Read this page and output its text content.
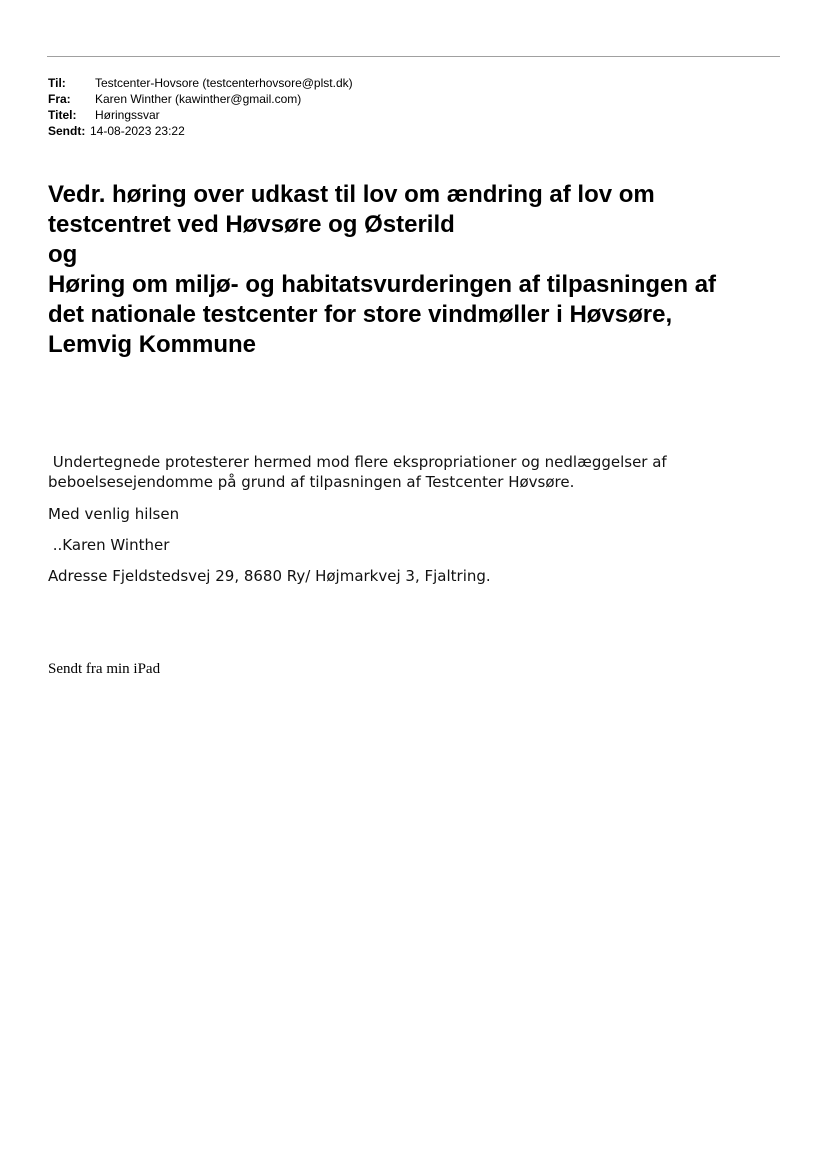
Til:	Testcenter-Hovsore (testcenterhovsore@plst.dk)
Fra:	Karen Winther (kawinther@gmail.com)
Titel:	Høringssvar
Sendt: 14-08-2023 23:22
Vedr. høring over udkast til lov om ændring af lov om
testcentret ved Høvsøre og Østerild
og
Høring om miljø- og habitatsvurderingen af tilpasningen af
det nationale testcenter for store vindmøller i Høvsøre,
Lemvig Kommune

Undertegnede protesterer hermed mod flere ekspropriationer og nedlæggelser af
beboelsesejendomme på grund af tilpasningen af Testcenter Høvsøre.

Med venlig hilsen

..Karen Winther

Adresse Fjeldstedsvej 29, 8680 Ry/ Højmarkvej 3, Fjaltring.

Sendt fra min iPad
